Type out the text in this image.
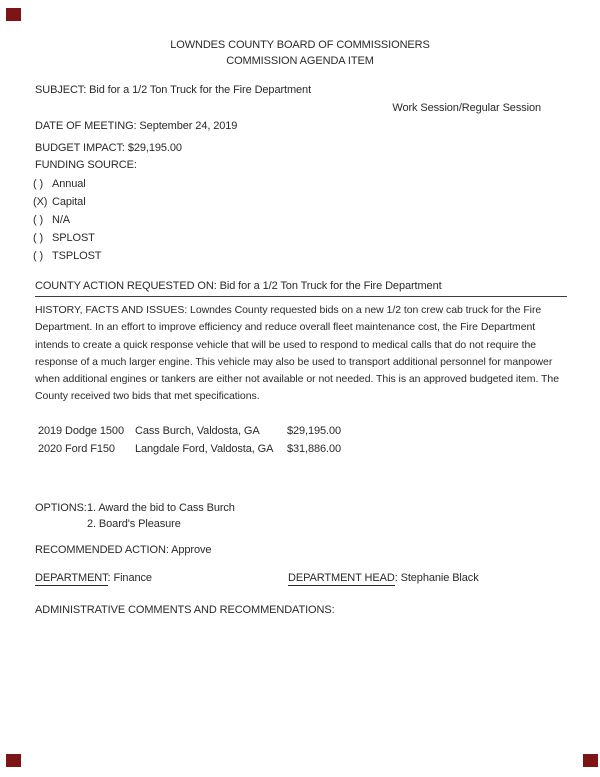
LOWNDES COUNTY BOARD OF COMMISSIONERS
COMMISSION AGENDA ITEM
SUBJECT: Bid for a 1/2 Ton Truck for the Fire Department
Work Session/Regular Session
DATE OF MEETING: September 24, 2019
BUDGET IMPACT: $29,195.00
FUNDING SOURCE:
( ) Annual
(X) Capital
( ) N/A
( ) SPLOST
( ) TSPLOST
COUNTY ACTION REQUESTED ON: Bid for a 1/2 Ton Truck for the Fire Department
HISTORY, FACTS AND ISSUES: Lowndes County requested bids on a new 1/2 ton crew cab truck for the Fire Department. In an effort to improve efficiency and reduce overall fleet maintenance cost, the Fire Department intends to create a quick response vehicle that will be used to respond to medical calls that do not require the response of a much larger engine. This vehicle may also be used to transport additional personnel for manpower when additional engines or tankers are either not available or not needed. This is an approved budgeted item. The County received two bids that met specifications.
2019 Dodge 1500	Cass Burch, Valdosta, GA	$29,195.00
2020 Ford F150	Langdale Ford, Valdosta, GA	$31,886.00
OPTIONS:1. Award the bid to Cass Burch
2. Board's Pleasure
RECOMMENDED ACTION: Approve
DEPARTMENT: Finance	DEPARTMENT HEAD: Stephanie Black
ADMINISTRATIVE COMMENTS AND RECOMMENDATIONS:
